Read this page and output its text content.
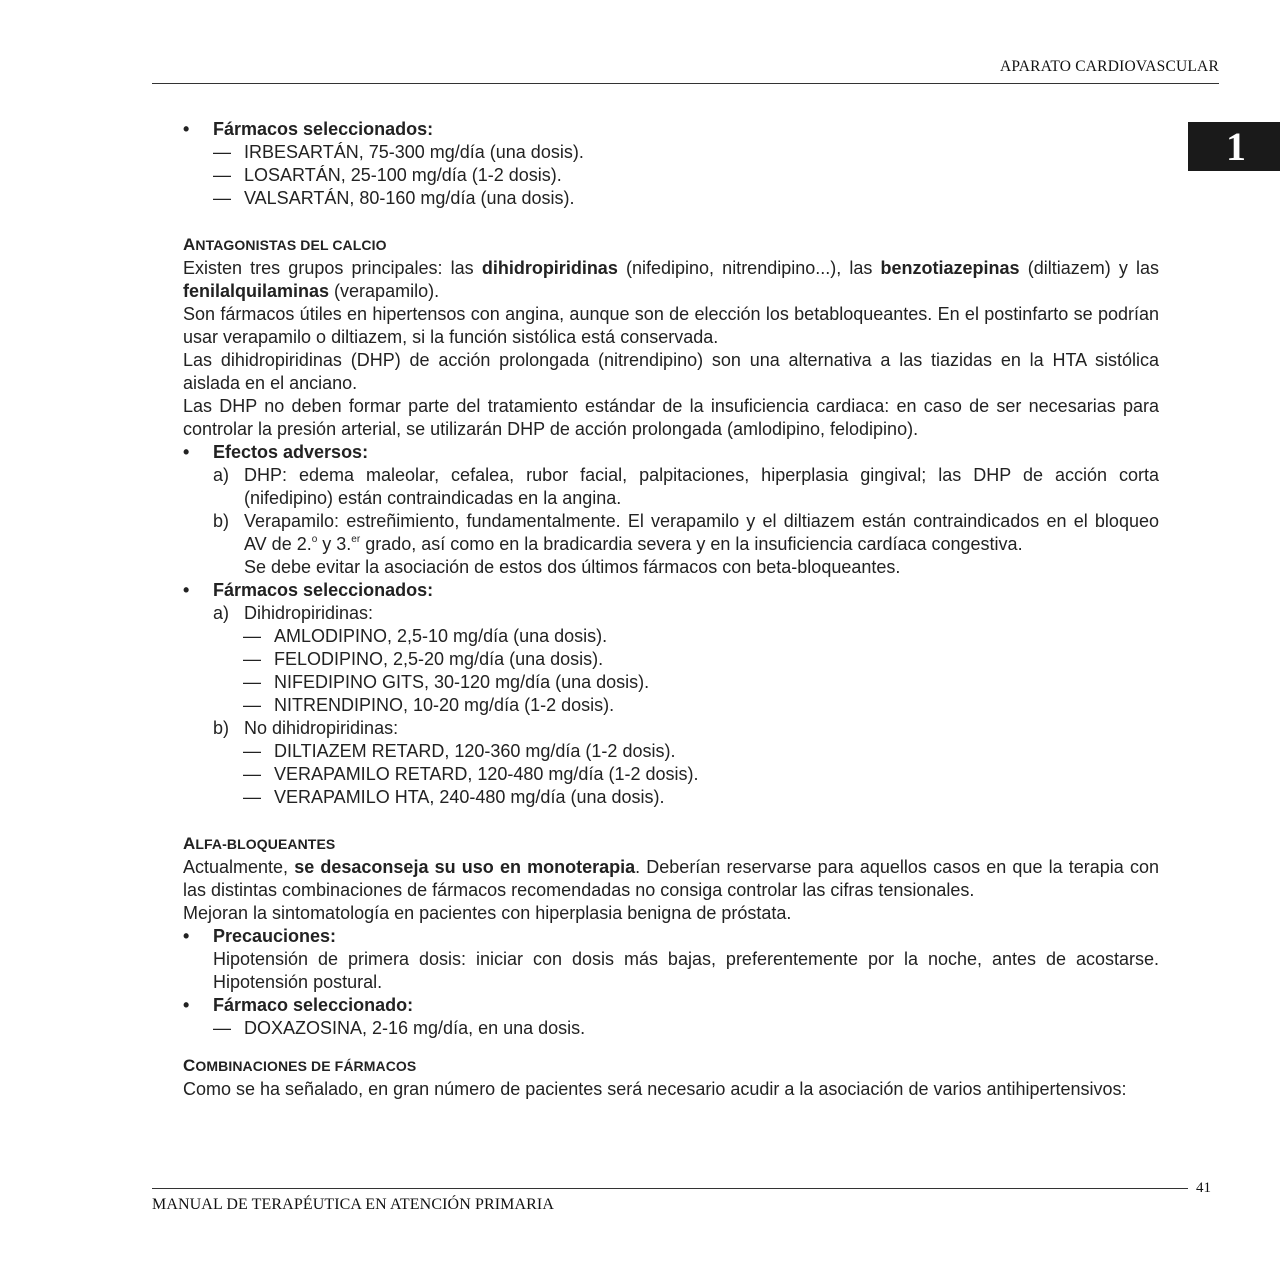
APARATO CARDIOVASCULAR
1
• Fármacos seleccionados:
— IRBESARTÁN, 75-300 mg/día (una dosis).
— LOSARTÁN, 25-100 mg/día (1-2 dosis).
— VALSARTÁN, 80-160 mg/día (una dosis).
ANTAGONISTAS DEL CALCIO
Existen tres grupos principales: las dihidropiridinas (nifedipino, nitrendipino...), las benzotiazepinas (diltiazem) y las fenilalquilaminas (verapamilo).
Son fármacos útiles en hipertensos con angina, aunque son de elección los betabloqueantes. En el postinfarto se podrían usar verapamilo o diltiazem, si la función sistólica está conservada.
Las dihidropiridinas (DHP) de acción prolongada (nitrendipino) son una alternativa a las tiazidas en la HTA sistólica aislada en el anciano.
Las DHP no deben formar parte del tratamiento estándar de la insuficiencia cardiaca: en caso de ser necesarias para controlar la presión arterial, se utilizarán DHP de acción prolongada (amlodipino, felodipino).
• Efectos adversos:
a) DHP: edema maleolar, cefalea, rubor facial, palpitaciones, hiperplasia gingival; las DHP de acción corta (nifedipino) están contraindicadas en la angina.
b) Verapamilo: estreñimiento, fundamentalmente. El verapamilo y el diltiazem están contraindicados en el bloqueo AV de 2.$^o$ y 3.$^{er}$ grado, así como en la bradicardia severa y en la insuficiencia cardíaca congestiva.
Se debe evitar la asociación de estos dos últimos fármacos con beta-bloqueantes.
• Fármacos seleccionados:
a) Dihidropiridinas:
— AMLODIPINO, 2,5-10 mg/día (una dosis).
— FELODIPINO, 2,5-20 mg/día (una dosis).
— NIFEDIPINO GITS, 30-120 mg/día (una dosis).
— NITRENDIPINO, 10-20 mg/día (1-2 dosis).
b) No dihidropiridinas:
— DILTIAZEM RETARD, 120-360 mg/día (1-2 dosis).
— VERAPAMILO RETARD, 120-480 mg/día (1-2 dosis).
— VERAPAMILO HTA, 240-480 mg/día (una dosis).
ALFA-BLOQUEANTES
Actualmente, se desaconseja su uso en monoterapia. Deberían reservarse para aquellos casos en que la terapia con las distintas combinaciones de fármacos recomendadas no consiga controlar las cifras tensionales.
Mejoran la sintomatología en pacientes con hiperplasia benigna de próstata.
• Precauciones:
Hipotensión de primera dosis: iniciar con dosis más bajas, preferentemente por la noche, antes de acostarse. Hipotensión postural.
• Fármaco seleccionado:
— DOXAZOSINA, 2-16 mg/día, en una dosis.
COMBINACIONES DE FÁRMACOS
Como se ha señalado, en gran número de pacientes será necesario acudir a la asociación de varios antihipertensivos:
41
MANUAL DE TERAPÉUTICA EN ATENCIÓN PRIMARIA
